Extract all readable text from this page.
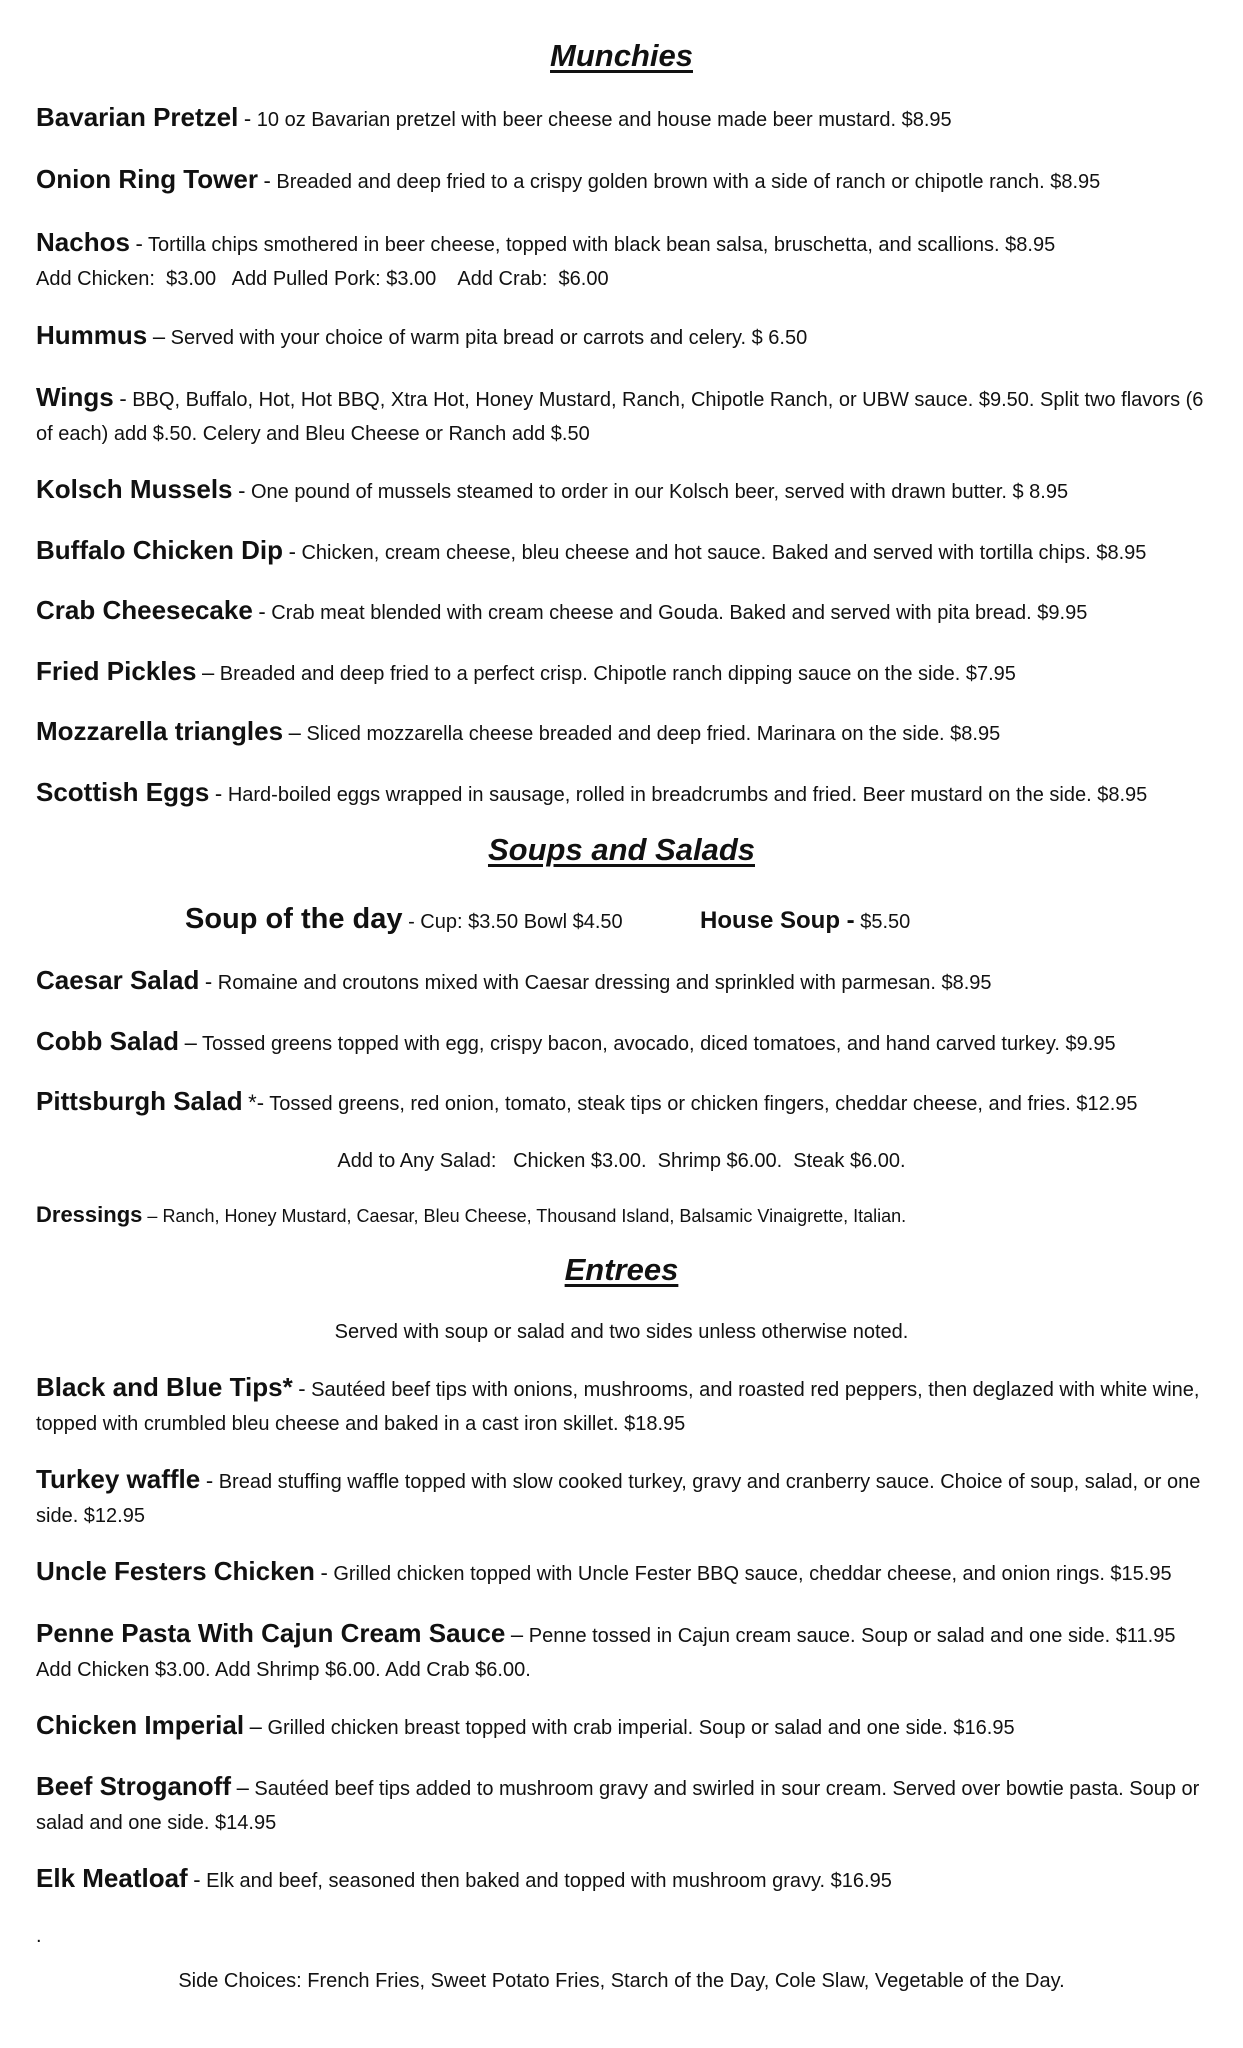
Munchies
Bavarian Pretzel - 10 oz Bavarian pretzel with beer cheese and house made beer mustard. $8.95
Onion Ring Tower - Breaded and deep fried to a crispy golden brown with a side of ranch or chipotle ranch. $8.95
Nachos - Tortilla chips smothered in beer cheese, topped with black bean salsa, bruschetta, and scallions. $8.95
Add Chicken:  $3.00   Add Pulled Pork: $3.00    Add Crab:  $6.00
Hummus – Served with your choice of warm pita bread or carrots and celery. $ 6.50
Wings - BBQ, Buffalo, Hot, Hot BBQ, Xtra Hot, Honey Mustard, Ranch, Chipotle Ranch, or UBW sauce. $9.50. Split two flavors (6 of each) add $.50. Celery and Bleu Cheese or Ranch add $.50
Kolsch Mussels - One pound of mussels steamed to order in our Kolsch beer, served with drawn butter. $ 8.95
Buffalo Chicken Dip - Chicken, cream cheese, bleu cheese and hot sauce. Baked and served with tortilla chips. $8.95
Crab Cheesecake - Crab meat blended with cream cheese and Gouda. Baked and served with pita bread. $9.95
Fried Pickles – Breaded and deep fried to a perfect crisp. Chipotle ranch dipping sauce on the side. $7.95
Mozzarella triangles – Sliced mozzarella cheese breaded and deep fried. Marinara on the side. $8.95
Scottish Eggs - Hard-boiled eggs wrapped in sausage, rolled in breadcrumbs and fried. Beer mustard on the side. $8.95
Soups and Salads
Soup of the day - Cup: $3.50 Bowl $4.50	House Soup - $5.50
Caesar Salad - Romaine and croutons mixed with Caesar dressing and sprinkled with parmesan. $8.95
Cobb Salad – Tossed greens topped with egg, crispy bacon, avocado, diced tomatoes, and hand carved turkey. $9.95
Pittsburgh Salad *- Tossed greens, red onion, tomato, steak tips or chicken fingers, cheddar cheese, and fries. $12.95
Add to Any Salad:   Chicken $3.00.  Shrimp $6.00.  Steak $6.00.
Dressings – Ranch, Honey Mustard, Caesar, Bleu Cheese, Thousand Island, Balsamic Vinaigrette, Italian.
Entrees
Served with soup or salad and two sides unless otherwise noted.
Black and Blue Tips* - Sautéed beef tips with onions, mushrooms, and roasted red peppers, then deglazed with white wine, topped with crumbled bleu cheese and baked in a cast iron skillet. $18.95
Turkey waffle - Bread stuffing waffle topped with slow cooked turkey, gravy and cranberry sauce. Choice of soup, salad, or one side. $12.95
Uncle Festers Chicken - Grilled chicken topped with Uncle Fester BBQ sauce, cheddar cheese, and onion rings. $15.95
Penne Pasta With Cajun Cream Sauce – Penne tossed in Cajun cream sauce. Soup or salad and one side. $11.95
Add Chicken $3.00. Add Shrimp $6.00. Add Crab $6.00.
Chicken Imperial – Grilled chicken breast topped with crab imperial. Soup or salad and one side. $16.95
Beef Stroganoff – Sautéed beef tips added to mushroom gravy and swirled in sour cream. Served over bowtie pasta. Soup or salad and one side. $14.95
Elk Meatloaf - Elk and beef, seasoned then baked and topped with mushroom gravy. $16.95
.
Side Choices: French Fries, Sweet Potato Fries, Starch of the Day, Cole Slaw, Vegetable of the Day.
